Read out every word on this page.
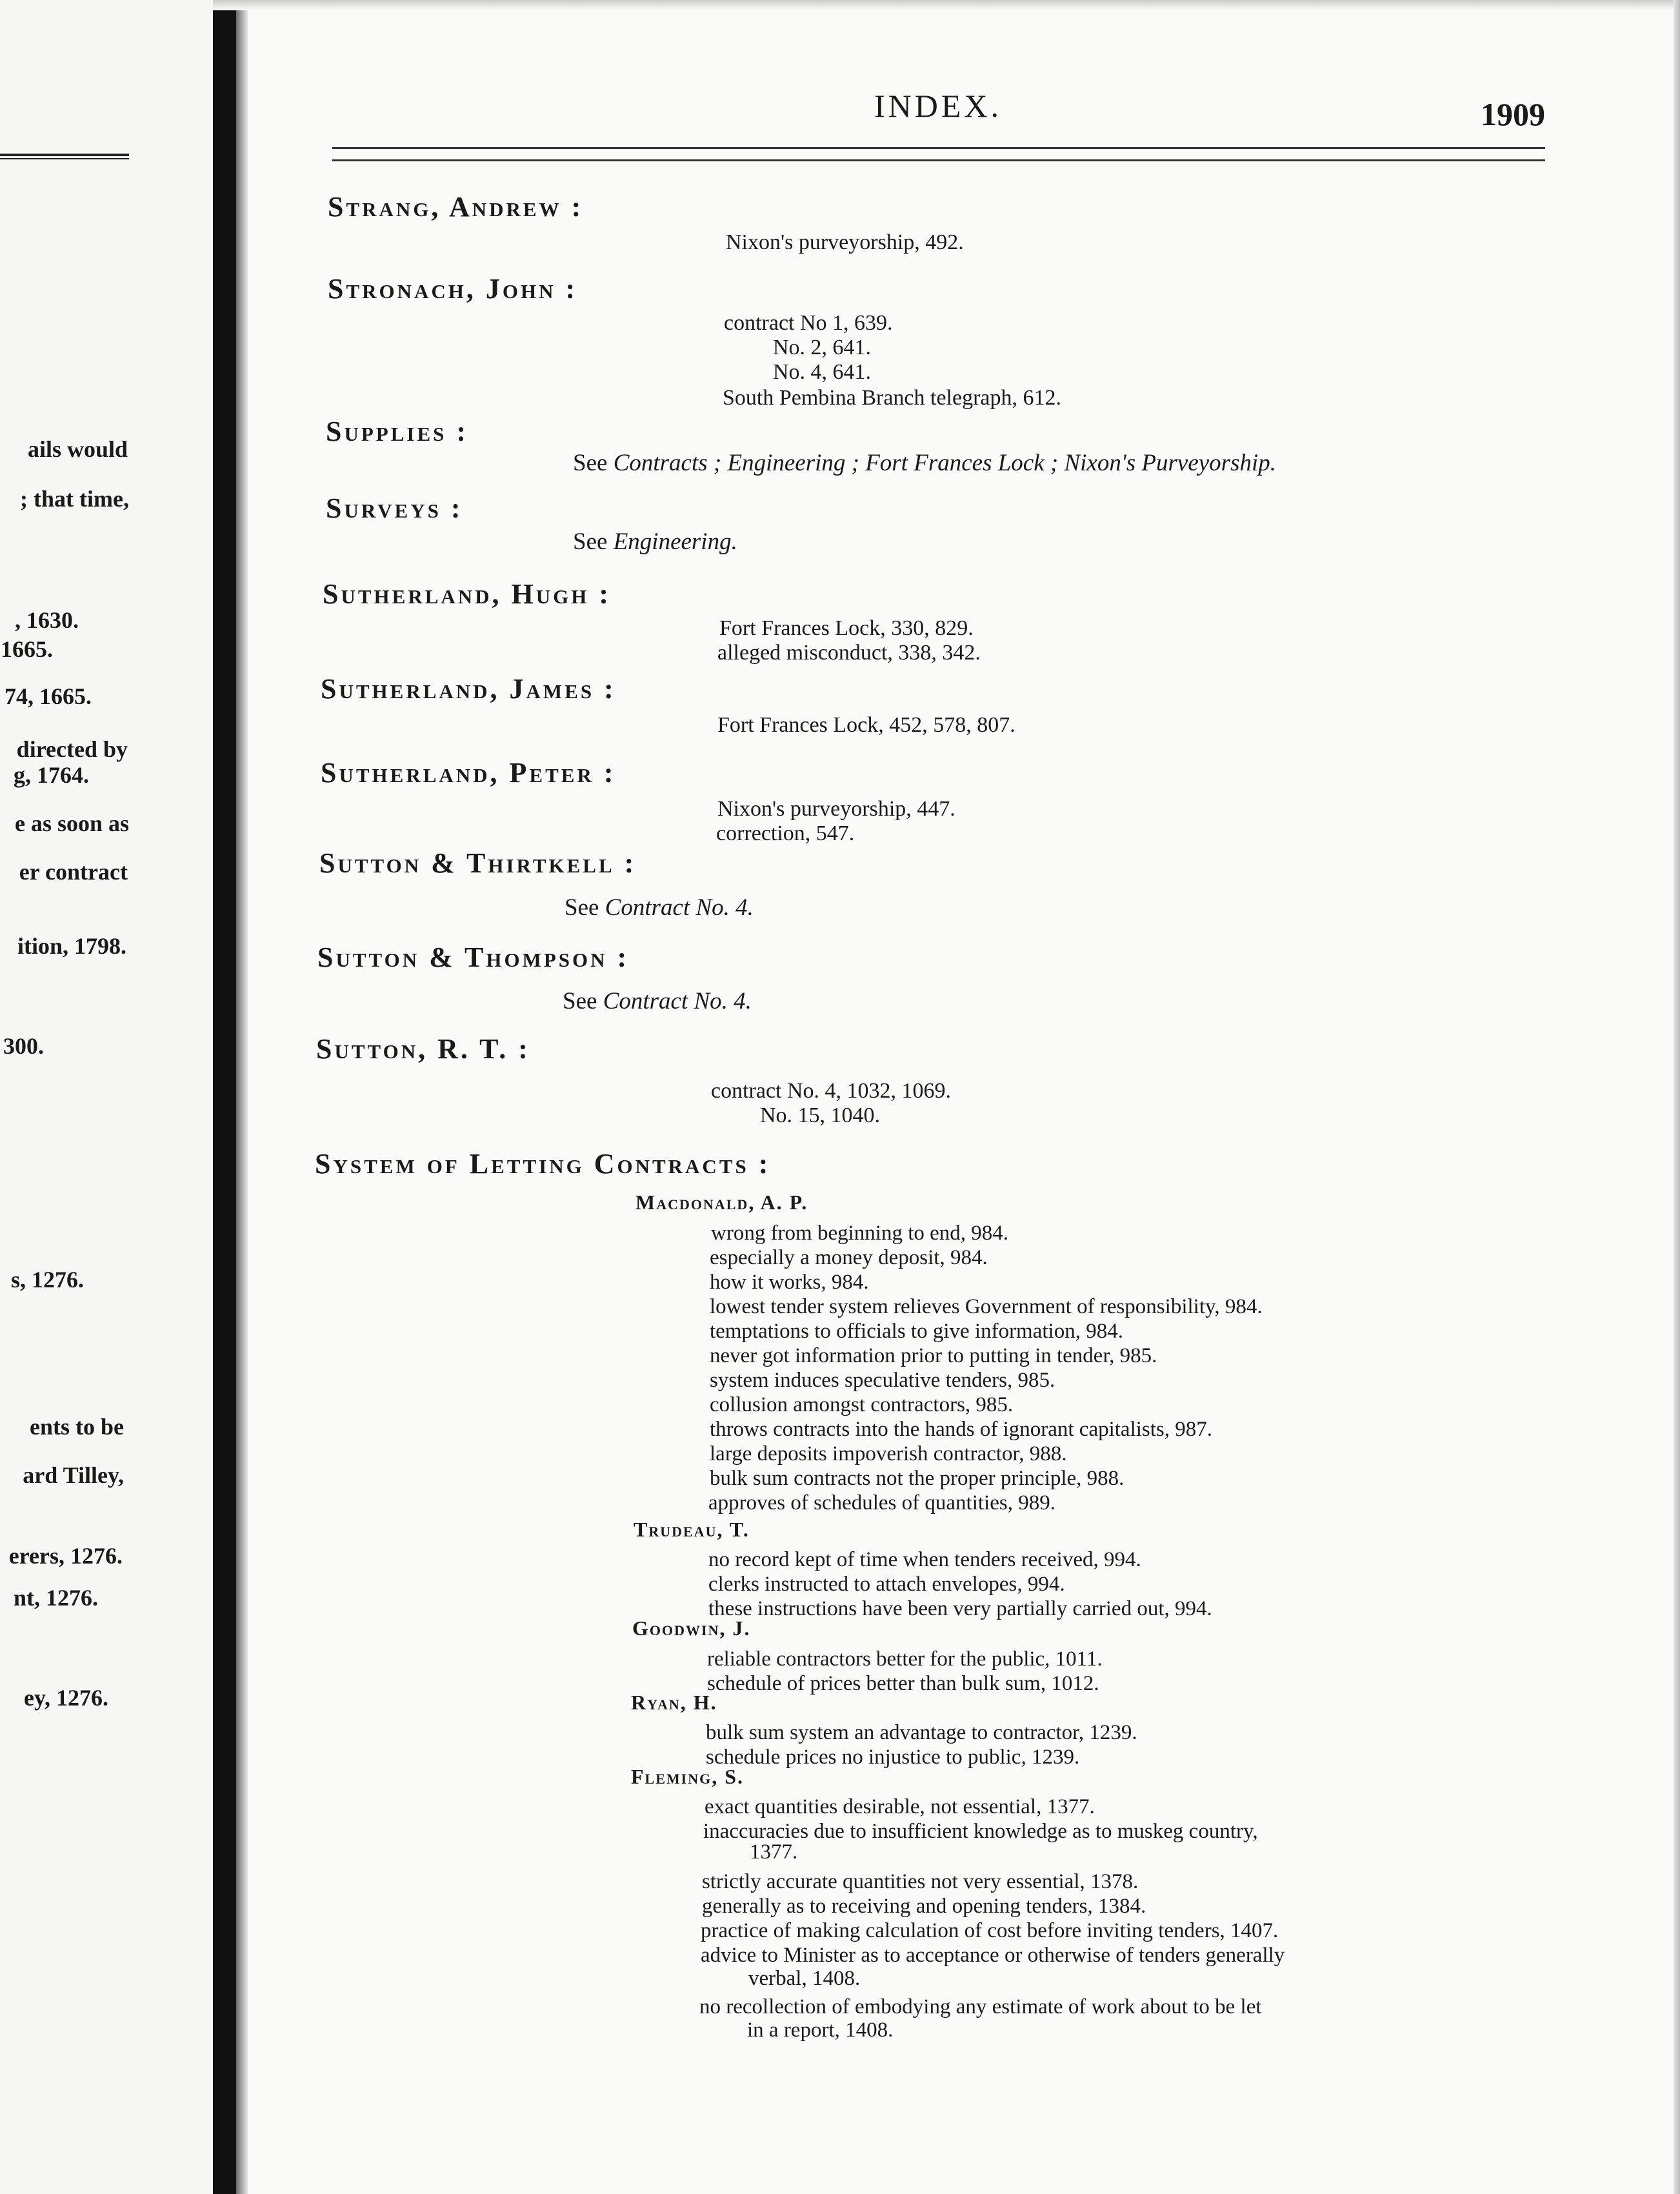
ails would
; that time,
, 1630.
1665.
74, 1665.
directed by
g, 1764.
e as soon as
er contract
ition, 1798.
300.
s, 1276.
ents to be
ard Tilley,
erers, 1276.
nt, 1276.
ey, 1276.
INDEX.	1909
Strang, Andrew :
Nixon's purveyorship, 492.
Stronach, John :
contract No 1, 639.
No. 2, 641.
No. 4, 641.
South Pembina Branch telegraph, 612.
Supplies :
See Contracts ; Engineering ; Fort Frances Lock ; Nixon's Purveyorship.
Surveys :
See Engineering.
Sutherland, Hugh :
Fort Frances Lock, 330, 829.
alleged misconduct, 338, 342.
Sutherland, James :
Fort Frances Lock, 452, 578, 807.
Sutherland, Peter :
Nixon's purveyorship, 447.
correction, 547.
Sutton & Thirtkell :
See Contract No. 4.
Sutton & Thompson :
See Contract No. 4.
Sutton, R. T. :
contract No. 4, 1032, 1069.
No. 15, 1040.
System of Letting Contracts :
Macdonald, A. P.
wrong from beginning to end, 984.
especially a money deposit, 984.
how it works, 984.
lowest tender system relieves Government of responsibility, 984.
temptations to officials to give information, 984.
never got information prior to putting in tender, 985.
system induces speculative tenders, 985.
collusion amongst contractors, 985.
throws contracts into the hands of ignorant capitalists, 987.
large deposits impoverish contractor, 988.
bulk sum contracts not the proper principle, 988.
approves of schedules of quantities, 989.
Trudeau, T.
no record kept of time when tenders received, 994.
clerks instructed to attach envelopes, 994.
these instructions have been very partially carried out, 994.
Goodwin, J.
reliable contractors better for the public, 1011.
schedule of prices better than bulk sum, 1012.
Ryan, H.
bulk sum system an advantage to contractor, 1239.
schedule prices no injustice to public, 1239.
Fleming, S.
exact quantities desirable, not essential, 1377.
inaccuracies due to insufficient knowledge as to muskeg country,
1377.
strictly accurate quantities not very essential, 1378.
generally as to receiving and opening tenders, 1384.
practice of making calculation of cost before inviting tenders, 1407.
advice to Minister as to acceptance or otherwise of tenders generally
verbal, 1408.
no recollection of embodying any estimate of work about to be let
in a report, 1408.
